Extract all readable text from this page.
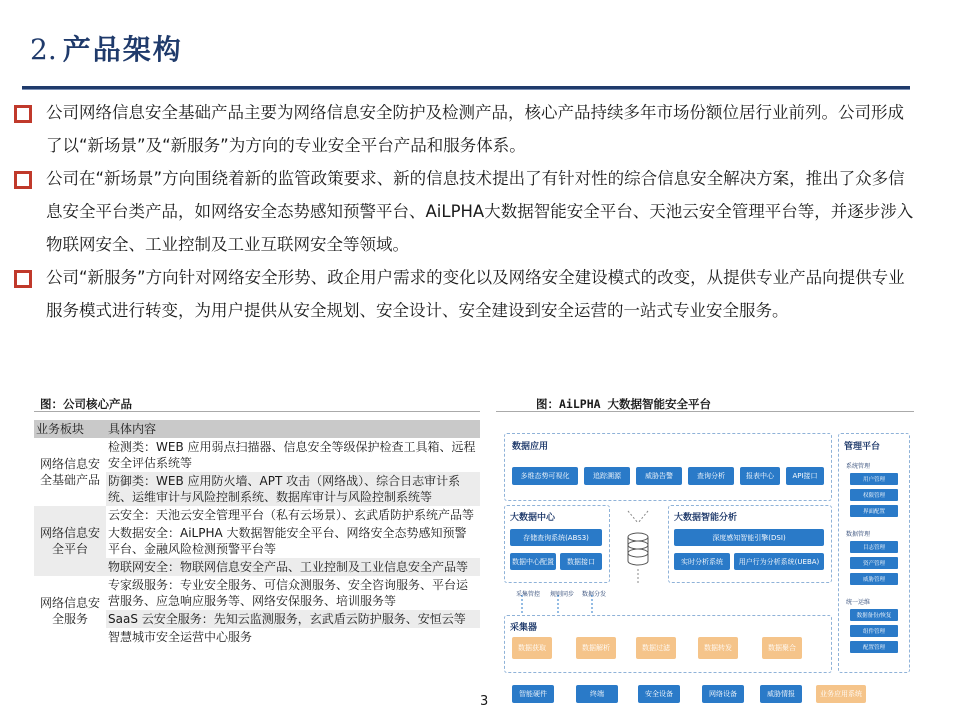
2. 产品架构
公司网络信息安全基础产品主要为网络信息安全防护及检测产品，核心产品持续多年市场份额位居行业前列。公司形成了以“新场景”及“新服务”为方向的专业安全平台产品和服务体系。
公司在“新场景”方向围绕着新的监管政策要求、新的信息技术提出了有针对性的综合信息安全解决方案，推出了众多信息安全平台类产品，如网络安全态势感知预警平台、AiLPHA大数据智能安全平台、天池云安全管理平台等，并逐步涉入物联网安全、工业控制及工业互联网安全等领域。
公司“新服务”方向针对网络安全形势、政企用户需求的变化以及网络安全建设模式的改变，从提供专业产品向提供专业服务模式进行转变，为用户提供从安全规划、安全设计、安全建设到安全运营的一站式专业安全服务。
图：公司核心产品	图：AiLPHA 大数据智能安全平台
业务板块	具体内容
网络信息安全基础产品	检测类：WEB 应用弱点扫描器、信息安全等级保护检查工具箱、远程安全评估系统等
	防御类：WEB 应用防火墙、APT 攻击（网络战）、综合日志审计系统、运维审计与风险控制系统、数据库审计与风险控制系统等
网络信息安全平台	云安全：天池云安全管理平台（私有云场景）、玄武盾防护系统产品等
	大数据安全：AiLPHA 大数据智能安全平台、网络安全态势感知预警平台、金融风险检测预警平台等
	物联网安全：物联网信息安全产品、工业控制及工业信息安全产品等
网络信息安全服务	专家级服务：专业安全服务、可信众测服务、安全咨询服务、平台运营服务、应急响应服务等、网络安保服务、培训服务等
	SaaS 云安全服务：先知云监测服务，玄武盾云防护服务、安恒云等
	智慧城市安全运营中心服务
3
数据应用
多维态势可视化	追踪溯源	威胁告警	查询分析	报表中心	API接口
大数据中心
存储查询系统(ABS3)
数据中心配置	数据接口
大数据智能分析
深度感知智能引擎(DSI)
实时分析系统	用户行为分析系统(UEBA)
采集管控 规则同步 数据分发
采集器
数据获取	数据解析	数据过滤	数据转发	数据聚合
智能硬件	终端	安全设备	网络设备	威胁情报	业务应用系统
管理平台
系统管理
用户管理
权限管理
界面配置
数据管理
目志管理
资产管理
威胁管理
统一运维
数据备份/恢复
组件管理
配置管理
